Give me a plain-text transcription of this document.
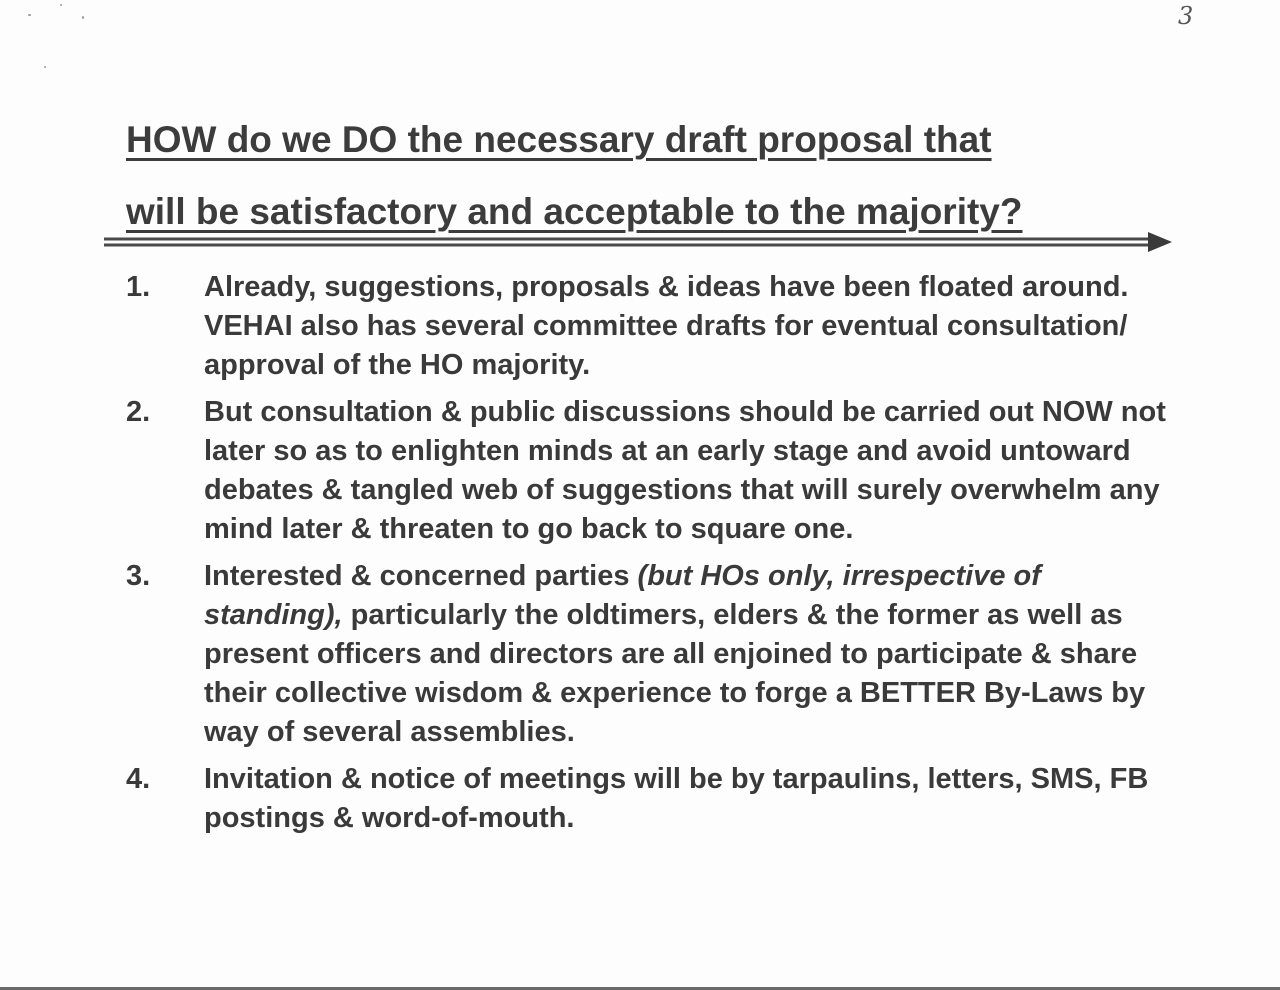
3
HOW do we DO the necessary draft proposal that
will be satisfactory and acceptable to the majority?
1.	Already, suggestions, proposals & ideas have been floated around. VEHAI also has several committee drafts for eventual consultation/ approval of the HO majority.
2.	But consultation & public discussions should be carried out NOW not later so as to enlighten minds at an early stage and avoid untoward debates & tangled web of suggestions that will surely overwhelm any mind later & threaten to go back to square one.
3.	Interested & concerned parties (but HOs only, irrespective of standing), particularly the oldtimers, elders & the former as well as present officers and directors are all enjoined to participate & share their collective wisdom & experience to forge a BETTER By-Laws by way of several assemblies.
4.	Invitation & notice of meetings will be by tarpaulins, letters, SMS, FB postings & word-of-mouth.
